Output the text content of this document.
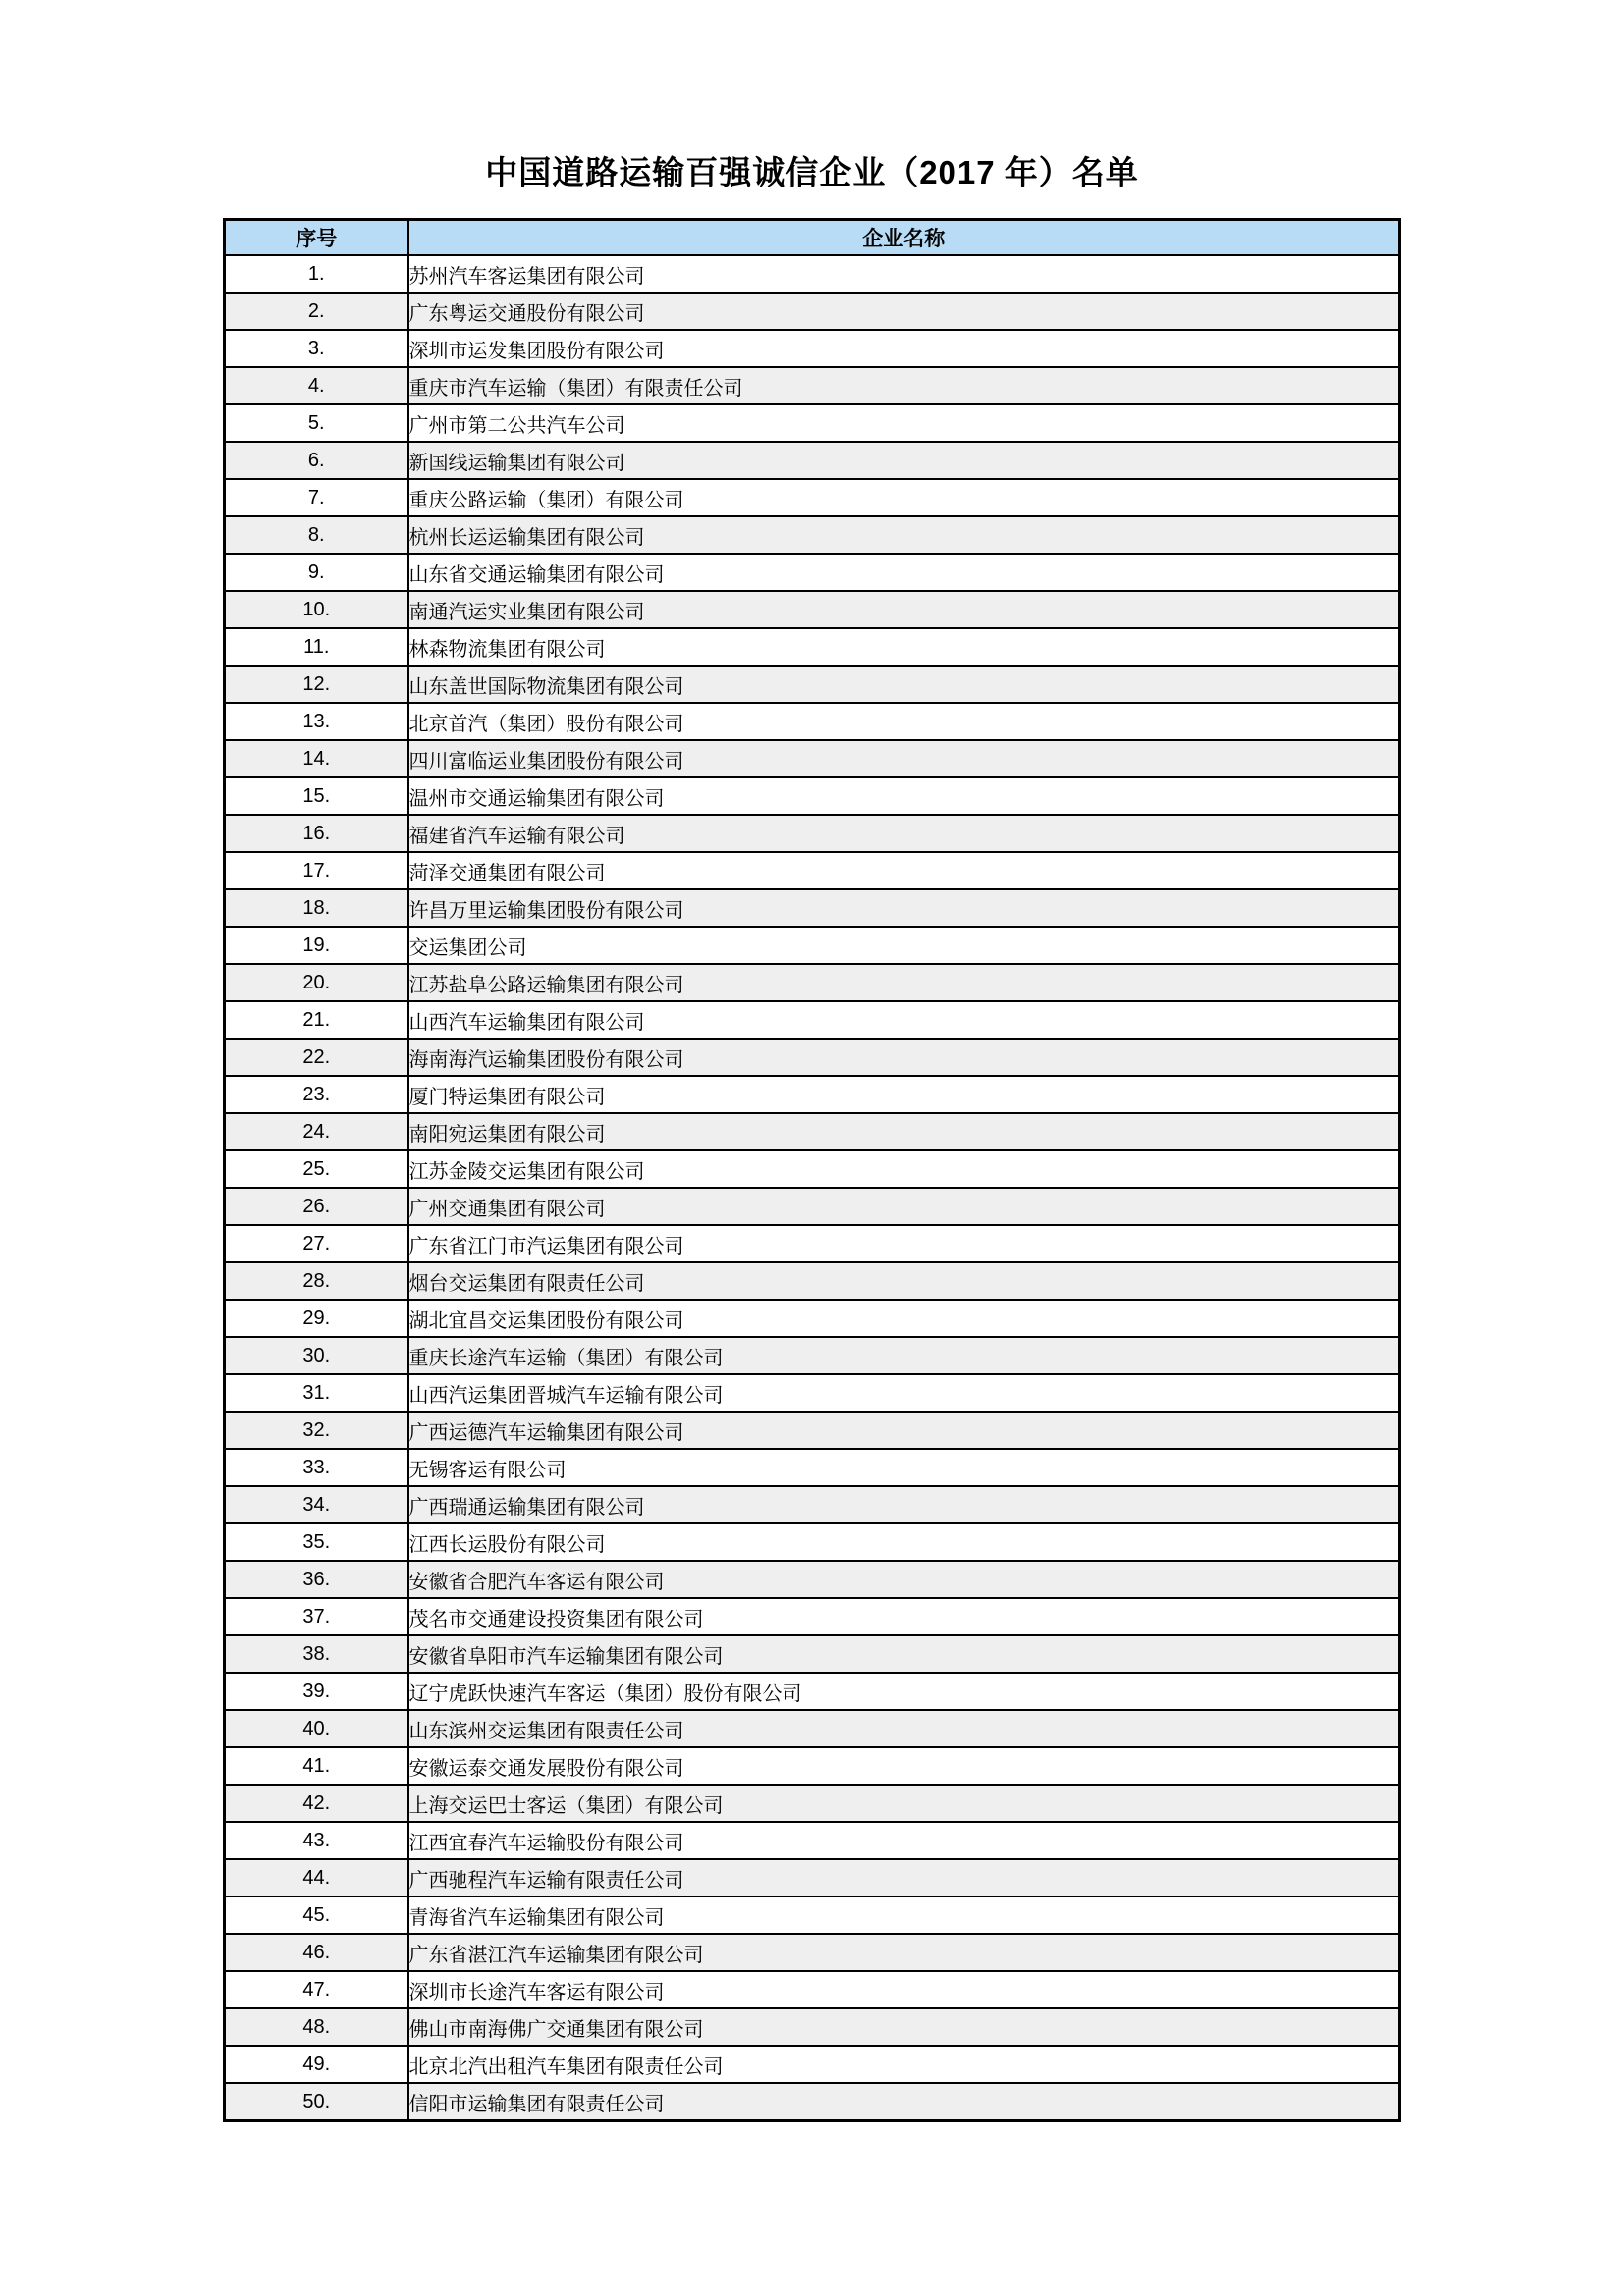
中国道路运输百强诚信企业（2017 年）名单
序号	企业名称
1.	苏州汽车客运集团有限公司
2.	广东粤运交通股份有限公司
3.	深圳市运发集团股份有限公司
4.	重庆市汽车运输（集团）有限责任公司
5.	广州市第二公共汽车公司
6.	新国线运输集团有限公司
7.	重庆公路运输（集团）有限公司
8.	杭州长运运输集团有限公司
9.	山东省交通运输集团有限公司
10.	南通汽运实业集团有限公司
11.	林森物流集团有限公司
12.	山东盖世国际物流集团有限公司
13.	北京首汽（集团）股份有限公司
14.	四川富临运业集团股份有限公司
15.	温州市交通运输集团有限公司
16.	福建省汽车运输有限公司
17.	菏泽交通集团有限公司
18.	许昌万里运输集团股份有限公司
19.	交运集团公司
20.	江苏盐阜公路运输集团有限公司
21.	山西汽车运输集团有限公司
22.	海南海汽运输集团股份有限公司
23.	厦门特运集团有限公司
24.	南阳宛运集团有限公司
25.	江苏金陵交运集团有限公司
26.	广州交通集团有限公司
27.	广东省江门市汽运集团有限公司
28.	烟台交运集团有限责任公司
29.	湖北宜昌交运集团股份有限公司
30.	重庆长途汽车运输（集团）有限公司
31.	山西汽运集团晋城汽车运输有限公司
32.	广西运德汽车运输集团有限公司
33.	无锡客运有限公司
34.	广西瑞通运输集团有限公司
35.	江西长运股份有限公司
36.	安徽省合肥汽车客运有限公司
37.	茂名市交通建设投资集团有限公司
38.	安徽省阜阳市汽车运输集团有限公司
39.	辽宁虎跃快速汽车客运（集团）股份有限公司
40.	山东滨州交运集团有限责任公司
41.	安徽运泰交通发展股份有限公司
42.	上海交运巴士客运（集团）有限公司
43.	江西宜春汽车运输股份有限公司
44.	广西驰程汽车运输有限责任公司
45.	青海省汽车运输集团有限公司
46.	广东省湛江汽车运输集团有限公司
47.	深圳市长途汽车客运有限公司
48.	佛山市南海佛广交通集团有限公司
49.	北京北汽出租汽车集团有限责任公司
50.	信阳市运输集团有限责任公司
